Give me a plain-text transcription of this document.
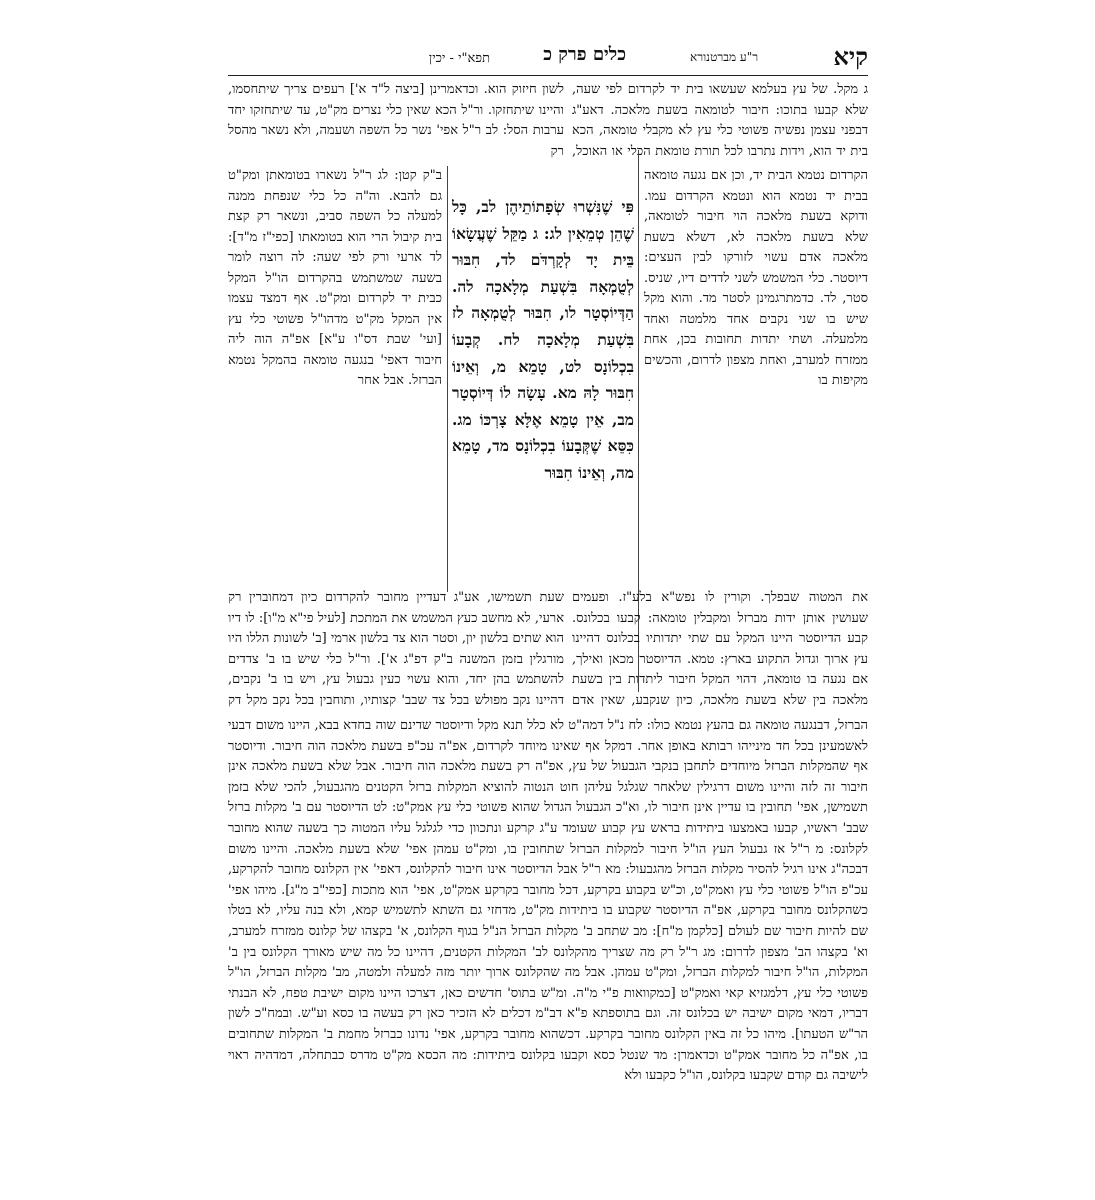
קיא
כלים פרק כ
תפא"י - יכין	ר"ע מברטנורא

ג מקל. של עץ בעלמא שעשאו בית יד לקרדום לפי שעה, שלא קבעו בתוכו: חיבור לטומאה בשעת מלאכה. דאע"ג דבפני עצמן נפשיה פשוטי כלי עץ לא מקבלי טומאה, הכא בית יד הוא, וידות נתרבו לכל תורת טומאת הכלי או האוכל,

לשון חיזוק הוא. וכדאמרינן [ביצה ל"ד א'] רעפים צריך שיתחסמו, והיינו שיתחזקו. ור"ל הכא שאין כלי נצרים מק"ט, עד שיתחזקו יחד ערבות הסל: לב ר"ל אפי' נשר כל השפה ושעמה, ולא נשאר מהסל רק

הקרדום נטמא הבית יד, וכן אם נגעה טומאה בבית יד נטמא הוא ונטמא הקרדום עמו. ודוקא בשעת מלאכה הוי חיבור לטומאה, שלא בשעת מלאכה לא, דשלא בשעת מלאכה אדם עשוי לזורקו לבין העצים: דיוסטר. כלי המשמש לשני לדדים דיו, שניס. סטר, לד. כדמתרגמינן לסטר מד. והוא מקל שיש בו שני נקבים אחד מלמטה ואחד מלמעלה. ושתי יתדות תחובות בכן, אחת ממזרח למערב, ואחת מצפון לדרום, והכשים מקיפות בו

פִּי שֶׁנִּשְׁרוּ שְׂפָתוֹתֵיהֶן לב, כָּל שֶׁהֵן טְמֵאִין לג: ג מַקֵּל שֶׁעֲשָׂאוֹ בֵּית יָד לְקָרְדֹּם לד, חִבּוּר לְטֻמְאָה בִּשְׁעַת מְלָאכָה לה. הַדְּיוֹסְטָר לו, חִבּוּר לְטֻמְאָה לז בִּשְׁעַת מְלָאכָה לח. קְבָעוֹ בִכְלוֹנָס לט, טָמֵא מ, וְאֵינוֹ חִבּוּר לָהּ מא. עָשָׂה לוֹ דְּיוֹסְטָר מב, אֵין טָמֵא אֶלָּא צָרְכּוֹ מג. כִּסֵּא שֶׁקְּבָעוֹ בִכְלוֹנָס מד, טָמֵא מה, וְאֵינוֹ חִבּוּר

ב"ק קטן: לג ר"ל נשארו בטומאתן ומק"ט גם להבא. וה"ה כל כלי שנפחת ממנה למעלה כל השפה סביב, ונשאר רק קצת בית קיבול הרי הוא בטומאתו [כפי"ז מ"ד]: לד ארעי ורק לפי שעה: לה רוצה לומר בשעה שמשתמש בהקרדום הו"ל המקל כבית יד לקרדום ומק"ט. אף דמצד עצמו אין המקל מק"ט מדהו"ל פשוטי כלי עץ [ועי' שבת דס"ו ע"א] אפ"ה הוה ליה חיבור דאפי' בנגעה טומאה בהמקל נטמא הברזל. אבל אחר

את המטוה שבפלך. וקורין לו נפש"א בלע"ז. ופעמים שעושין אותן ידות מברזל ומקבלין טומאה: קבעו בכלונס. קבע הדיוסטר היינו המקל עם שתי יתדותיו בכלונס דהיינו עץ ארוך וגדול התקוע בארץ: טמא. הדיוסטר מכאן ואילך, אם נגעה בו טומאה, דהוי המקל חיבור ליתדות בין בשעת מלאכה בין שלא בשעת מלאכה, כיון שנקבע, שאין אדם

שעת תשמישו, אע"ג דעדיין מחובר להקרדום כיון דמחוברין רק ארעי, לא מחשב כעץ המשמש את המתכת [לעיל פי"א מ"ו]: לו דיו הוא שתים בלשון יון, וסטר הוא צד בלשון ארמי [ב' לשונות הללו היו מורגלין בזמן המשנה ב"ק דפ"ג א']. ור"ל כלי שיש בו ב' צדדים להשתמש בהן יחד, והוא עשוי כעין גבעול עץ, ויש בו ב' נקבים, דהיינו נקב מפולש בכל צד שבב' קצותיו, ותוחבין בכל נקב מקל דק

הברזל, דבנגעה טומאה גם בהעץ נטמא כולו: לח נ"ל דמה"ט לא כלל תנא מקל ודיוסטר שדינם שוה בחדא בבא, היינו משום דבעי לאשמעינן בכל חד מינייהו רבותא באופן אחר. דמקל אף שאינו מיוחד לקרדום, אפ"ה עכ"פ בשעת מלאכה הוה חיבור. ודיוסטר אף שהמקלות הברזל מיוחדים לתחבן בנקבי הגבעול של עץ, אפ"ה רק בשעת מלאכה הוה חיבור. אבל שלא בשעת מלאכה אינן חיבור זה לזה והיינו משום דרגילין שלאחר שגלגל עליהן חוט הנטוה להוציא המקלות ברזל הקטנים מהגבעול, להכי שלא בזמן תשמישן, אפי' תחובין בו עדיין אינן חיבור לו, וא"כ הגבעול הגדול שהוא פשוטי כלי עץ אמק"ט: לט הדיוסטר עם ב' מקלות ברזל שבב' ראשיו, קבעו באמצעו ביתידות בראש עץ קבוע שעומד ע"ג קרקע ונתכוון כדי לגלגל עליו המטוה כך בשעה שהוא מחובר לקלונס: מ ר"ל אז גבעול העץ הו"ל חיבור למקלות הברזל שתחובין בו, ומק"ט עמהן אפי' שלא בשעת מלאכה. והיינו משום דבכה"ג אינו רגיל להסיר מקלות הברזל מהגבעול: מא ר"ל אבל הדיוסטר אינו חיבור להקלונס, דאפי' אין הקלונס מחובר להקרקע, עכ"פ הו"ל פשוטי כלי עץ ואמק"ט, וכ"ש בקבוע בקרקע, דכל מחובר בקרקע אמק"ט, אפי' הוא מתכות [כפי"ב מ"ג]. מיהו אפי' כשהקלונס מחובר בקרקע, אפ"ה הדיוסטר שקבוע בו ביתידות מק"ט, מדחזי גם השתא לתשמיש קמא, ולא בנה עליו, לא בטלו שם להיות חיבור שם לעולם [כלקמן מ"ח]: מב שתחב ב' מקלות הברזל הנ"ל בגוף הקלונס, א' בקצהו של קלונס ממזרח למערב, וא' בקצהו הב' מצפון לדרום: מג ר"ל רק מה שצריך מהקלונס לב' המקלות הקטנים, דהיינו כל מה שיש מאורך הקלונס בין ב' המקלות, הו"ל חיבור למקלות הברזל, ומק"ט עמהן. אבל מה שהקלונס ארוך יותר מזה למעלה ולמטה, מב' מקלות הברזל, הו"ל פשוטי כלי עץ, דלמגזיא קאי ואמק"ט [כמקוואות פ"י מ"ה. ומ"ש בתוס' חדשים כאן, דצרכו היינו מקום ישיבת טפח, לא הבנתי דבריו, דמאי מקום ישיבה יש בכלונס זה. וגם בתוספתא פ"א דב"מ דכלים לא הזכיר כאן רק בעשה בו כסא וע"ש. ובמח"כ לשון הר"ש הטעתו]. מיהו כל זה באין הקלונס מחובר בקרקע. דכשהוא מחובר בקרקע, אפי' נדונו כברזל מחמת ב' המקלות שתחובים בו, אפ"ה כל מחובר אמק"ט וכדאמרן: מד שנטל כסא וקבעו בקלונס ביתידות: מה הכסא מק"ט מדרס כבתחלה, דמדהיה ראוי לישיבה גם קודם שקבעו בקלונס, הו"ל כקבעו ולא
